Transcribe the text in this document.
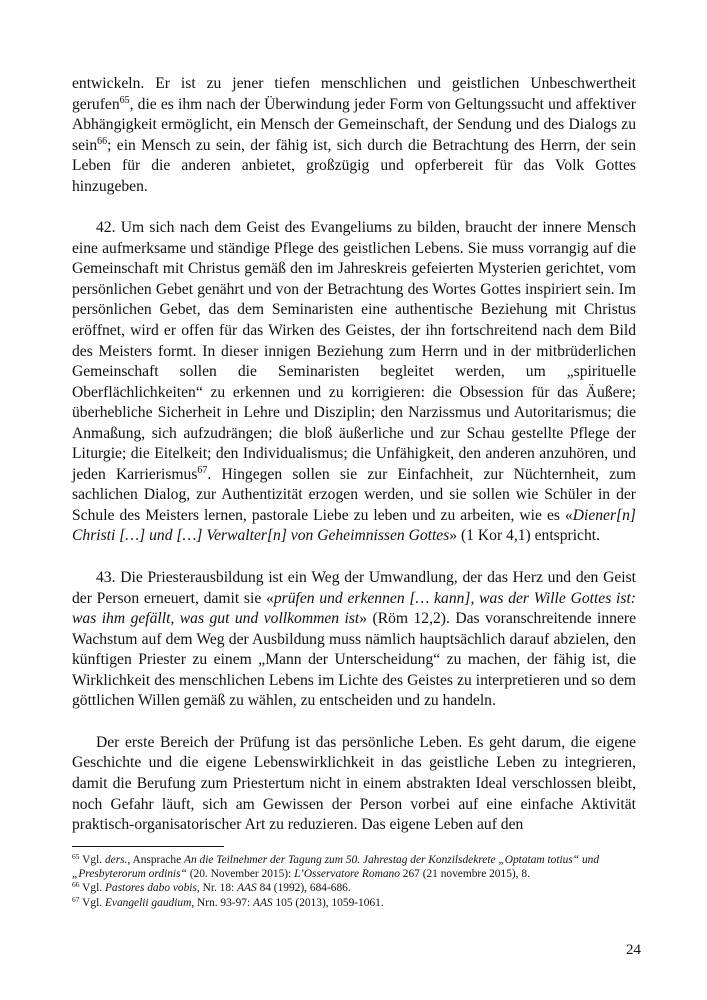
entwickeln. Er ist zu jener tiefen menschlichen und geistlichen Unbeschwertheit gerufen$^{65}$, die es ihm nach der Überwindung jeder Form von Geltungssucht und affektiver Abhängigkeit ermöglicht, ein Mensch der Gemeinschaft, der Sendung und des Dialogs zu sein$^{66}$; ein Mensch zu sein, der fähig ist, sich durch die Betrachtung des Herrn, der sein Leben für die anderen anbietet, großzügig und opferbereit für das Volk Gottes hinzugeben.

42. Um sich nach dem Geist des Evangeliums zu bilden, braucht der innere Mensch eine aufmerksame und ständige Pflege des geistlichen Lebens. Sie muss vorrangig auf die Gemeinschaft mit Christus gemäß den im Jahreskreis gefeierten Mysterien gerichtet, vom persönlichen Gebet genährt und von der Betrachtung des Wortes Gottes inspiriert sein. Im persönlichen Gebet, das dem Seminaristen eine authentische Beziehung mit Christus eröffnet, wird er offen für das Wirken des Geistes, der ihn fortschreitend nach dem Bild des Meisters formt. In dieser innigen Beziehung zum Herrn und in der mitbrüderlichen Gemeinschaft sollen die Seminaristen begleitet werden, um „spirituelle Oberflächlichkeiten“ zu erkennen und zu korrigieren: die Obsession für das Äußere; überhebliche Sicherheit in Lehre und Disziplin; den Narzissmus und Autoritarismus; die Anmaßung, sich aufzudrängen; die bloß äußerliche und zur Schau gestellte Pflege der Liturgie; die Eitelkeit; den Individualismus; die Unfähigkeit, den anderen anzuhören, und jeden Karrierismus$^{67}$. Hingegen sollen sie zur Einfachheit, zur Nüchternheit, zum sachlichen Dialog, zur Authentizität erzogen werden, und sie sollen wie Schüler in der Schule des Meisters lernen, pastorale Liebe zu leben und zu arbeiten, wie es «Diener[n] Christi […] und […] Verwalter[n] von Geheimnissen Gottes» (1 Kor 4,1) entspricht.

43. Die Priesterausbildung ist ein Weg der Umwandlung, der das Herz und den Geist der Person erneuert, damit sie «prüfen und erkennen [… kann], was der Wille Gottes ist: was ihm gefällt, was gut und vollkommen ist» (Röm 12,2). Das voranschreitende innere Wachstum auf dem Weg der Ausbildung muss nämlich hauptsächlich darauf abzielen, den künftigen Priester zu einem „Mann der Unterscheidung“ zu machen, der fähig ist, die Wirklichkeit des menschlichen Lebens im Lichte des Geistes zu interpretieren und so dem göttlichen Willen gemäß zu wählen, zu entscheiden und zu handeln.

Der erste Bereich der Prüfung ist das persönliche Leben. Es geht darum, die eigene Geschichte und die eigene Lebenswirklichkeit in das geistliche Leben zu integrieren, damit die Berufung zum Priestertum nicht in einem abstrakten Ideal verschlossen bleibt, noch Gefahr läuft, sich am Gewissen der Person vorbei auf eine einfache Aktivität praktisch-organisatorischer Art zu reduzieren. Das eigene Leben auf den

$^{65}$ Vgl. ders., Ansprache An die Teilnehmer der Tagung zum 50. Jahrestag der Konzilsdekrete „Optatam totius“ und „Presbyterorum ordinis“ (20. November 2015): L’Osservatore Romano 267 (21 novembre 2015), 8.

$^{66}$ Vgl. Pastores dabo vobis, Nr. 18: AAS 84 (1992), 684-686.

$^{67}$ Vgl. Evangelii gaudium, Nrn. 93-97: AAS 105 (2013), 1059-1061.

24
